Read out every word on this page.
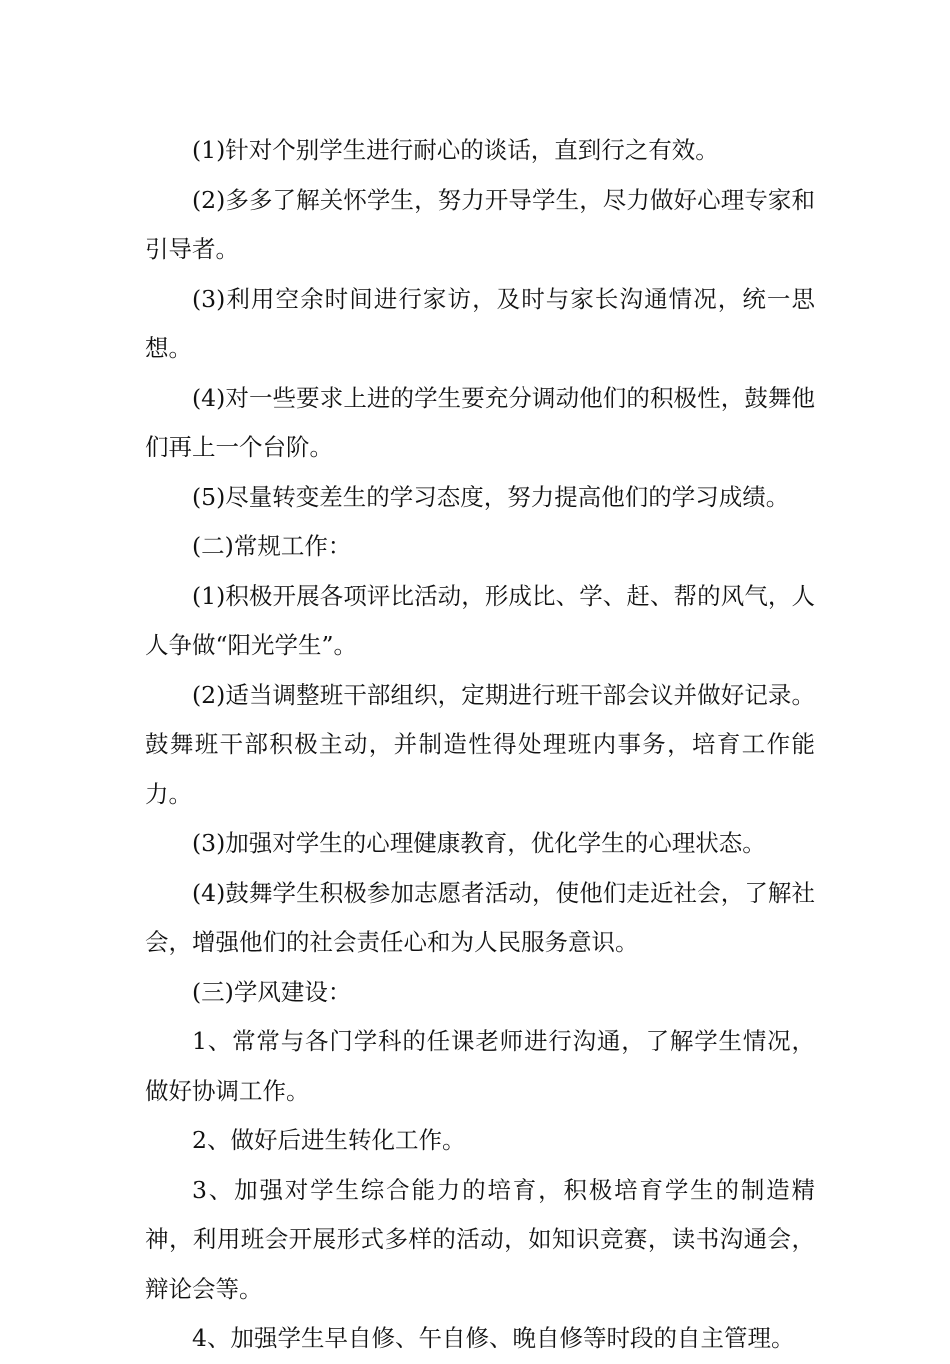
(1)针对个别学生进行耐心的谈话，直到行之有效。

(2)多多了解关怀学生，努力开导学生，尽力做好心理专家和引导者。

(3)利用空余时间进行家访，及时与家长沟通情况，统一思想。

(4)对一些要求上进的学生要充分调动他们的积极性，鼓舞他们再上一个台阶。

(5)尽量转变差生的学习态度，努力提高他们的学习成绩。

(二)常规工作：

(1)积极开展各项评比活动，形成比、学、赶、帮的风气，人人争做“阳光学生”。

(2)适当调整班干部组织，定期进行班干部会议并做好记录。鼓舞班干部积极主动，并制造性得处理班内事务，培育工作能力。

(3)加强对学生的心理健康教育，优化学生的心理状态。

(4)鼓舞学生积极参加志愿者活动，使他们走近社会，了解社会，增强他们的社会责任心和为人民服务意识。

(三)学风建设：

1、常常与各门学科的任课老师进行沟通，了解学生情况，做好协调工作。

2、做好后进生转化工作。

3、加强对学生综合能力的培育，积极培育学生的制造精神，利用班会开展形式多样的活动，如知识竞赛，读书沟通会，辩论会等。

4、加强学生早自修、午自修、晚自修等时段的自主管理。
